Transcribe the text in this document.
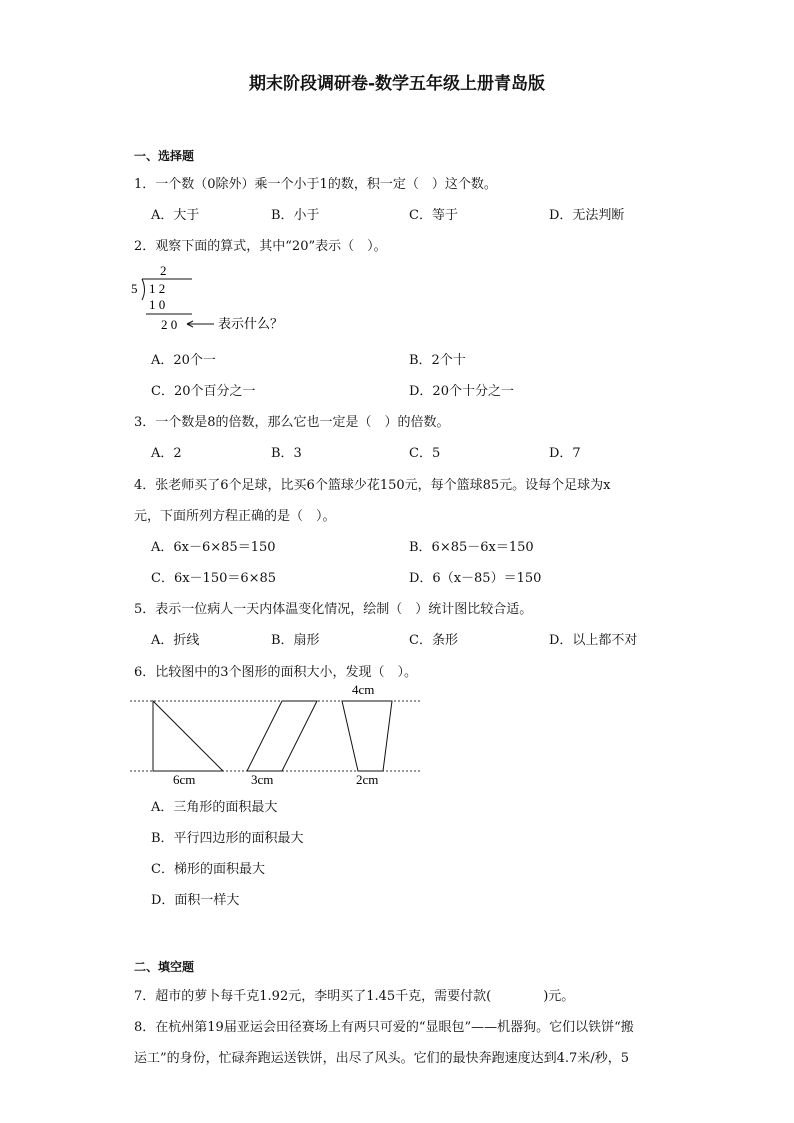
期末阶段调研卷-数学五年级上册青岛版
一、选择题
1．一个数（0除外）乘一个小于1的数，积一定（　）这个数。
A．大于	B．小于	C．等于	D．无法判断
2．观察下面的算式，其中“20”表示（　）。
2
5 1 2
1 0
2 0	表示什么？
A．20个一	B．2个十
C．20个百分之一	D．20个十分之一
3．一个数是8的倍数，那么它也一定是（　）的倍数。
A．2	B．3	C．5	D．7
4．张老师买了6个足球，比买6个篮球少花150元，每个篮球85元。设每个足球为x
元，下面所列方程正确的是（　）。
A．6x－6×85＝150	B．6×85－6x＝150
C．6x－150＝6×85	D．6（x－85）＝150
5．表示一位病人一天内体温变化情况，绘制（　）统计图比较合适。
A．折线	B．扇形	C．条形	D．以上都不对
6．比较图中的3个图形的面积大小，发现（　）。
4cm
6cm	3cm	2cm
A．三角形的面积最大
B．平行四边形的面积最大
C．梯形的面积最大
D．面积一样大
二、填空题
7．超市的萝卜每千克1.92元，李明买了1.45千克，需要付款(　　　　)元。
8．在杭州第19届亚运会田径赛场上有两只可爱的“显眼包”——机器狗。它们以铁饼“搬
运工”的身份，忙碌奔跑运送铁饼，出尽了风头。它们的最快奔跑速度达到4.7米/秒，5
